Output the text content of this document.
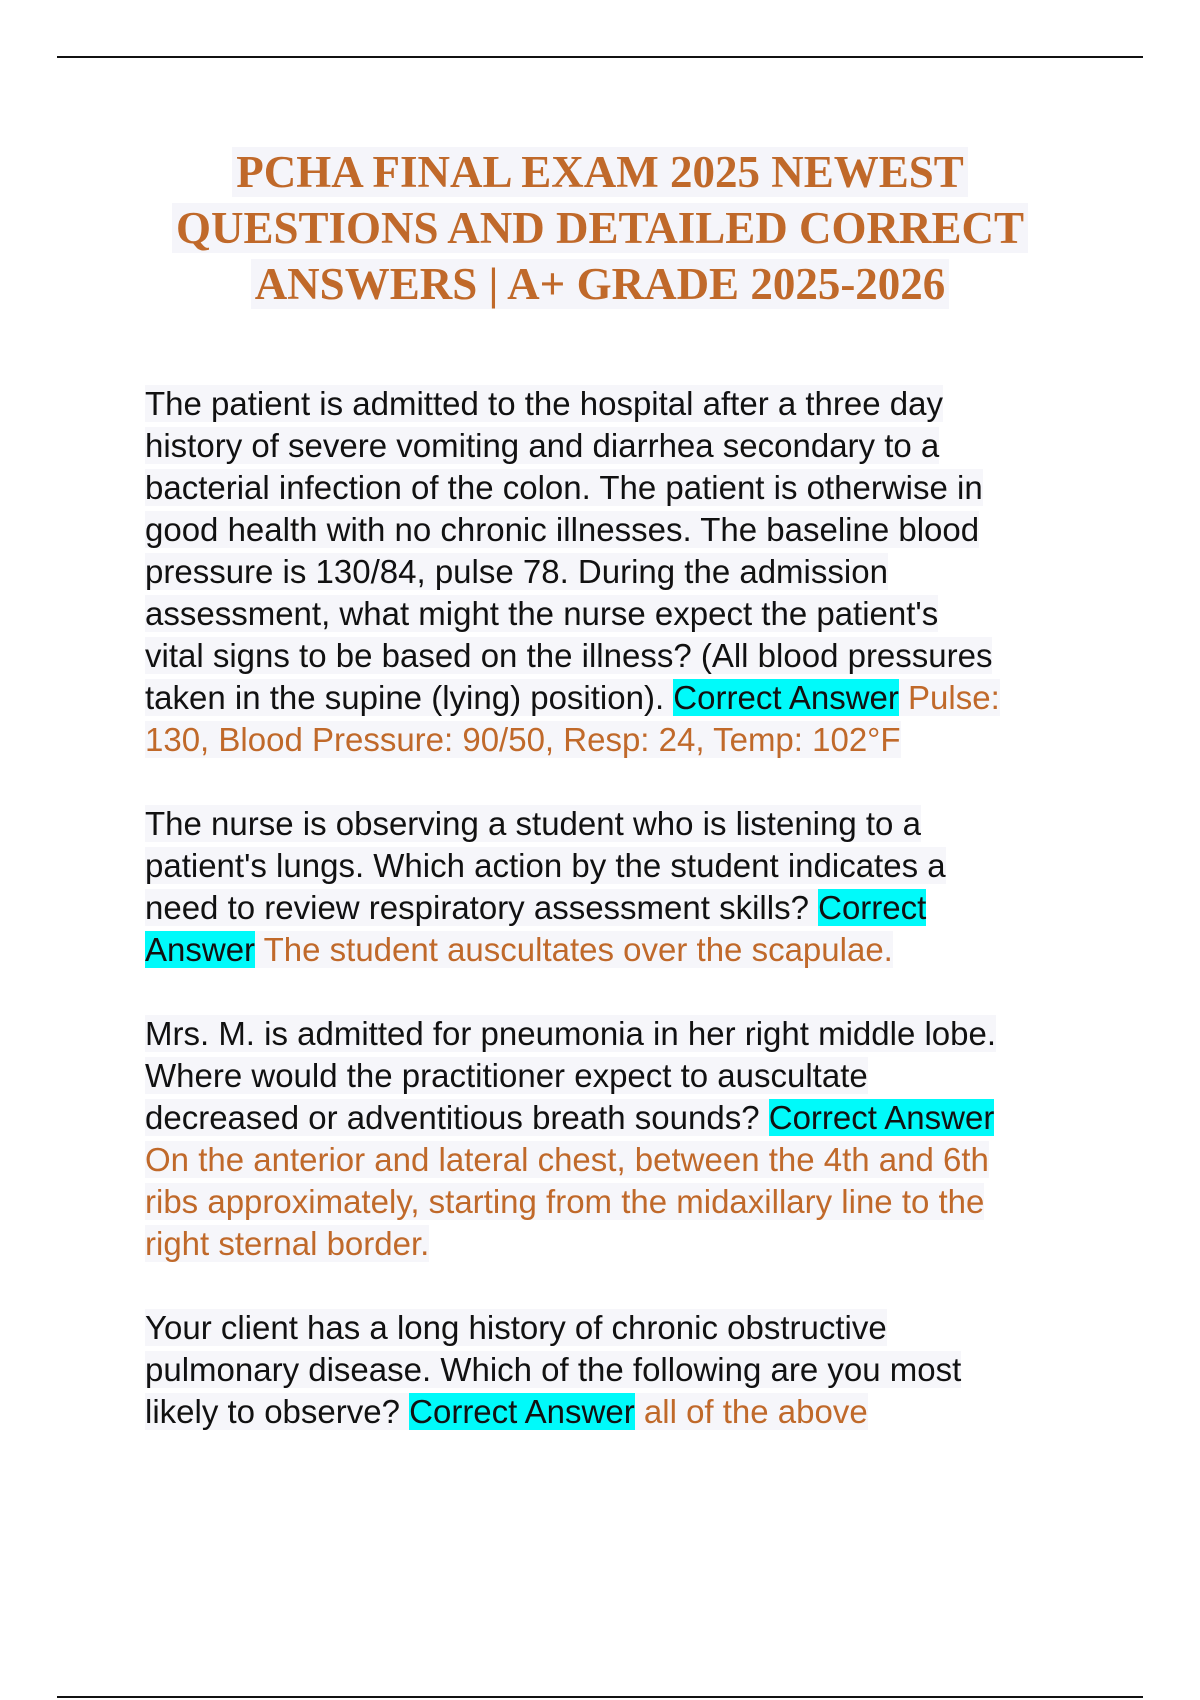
PCHA FINAL EXAM 2025 NEWEST
QUESTIONS AND DETAILED CORRECT
ANSWERS | A+ GRADE 2025-2026
The patient is admitted to the hospital after a three day
history of severe vomiting and diarrhea secondary to a
bacterial infection of the colon. The patient is otherwise in
good health with no chronic illnesses. The baseline blood
pressure is 130/84, pulse 78. During the admission
assessment, what might the nurse expect the patient's
vital signs to be based on the illness? (All blood pressures
taken in the supine (lying) position). Correct Answer Pulse:
130, Blood Pressure: 90/50, Resp: 24, Temp: 102°F
The nurse is observing a student who is listening to a
patient's lungs. Which action by the student indicates a
need to review respiratory assessment skills? Correct
Answer The student auscultates over the scapulae.
Mrs. M. is admitted for pneumonia in her right middle lobe.
Where would the practitioner expect to auscultate
decreased or adventitious breath sounds? Correct Answer
On the anterior and lateral chest, between the 4th and 6th
ribs approximately, starting from the midaxillary line to the
right sternal border.
Your client has a long history of chronic obstructive
pulmonary disease. Which of the following are you most
likely to observe? Correct Answer all of the above
